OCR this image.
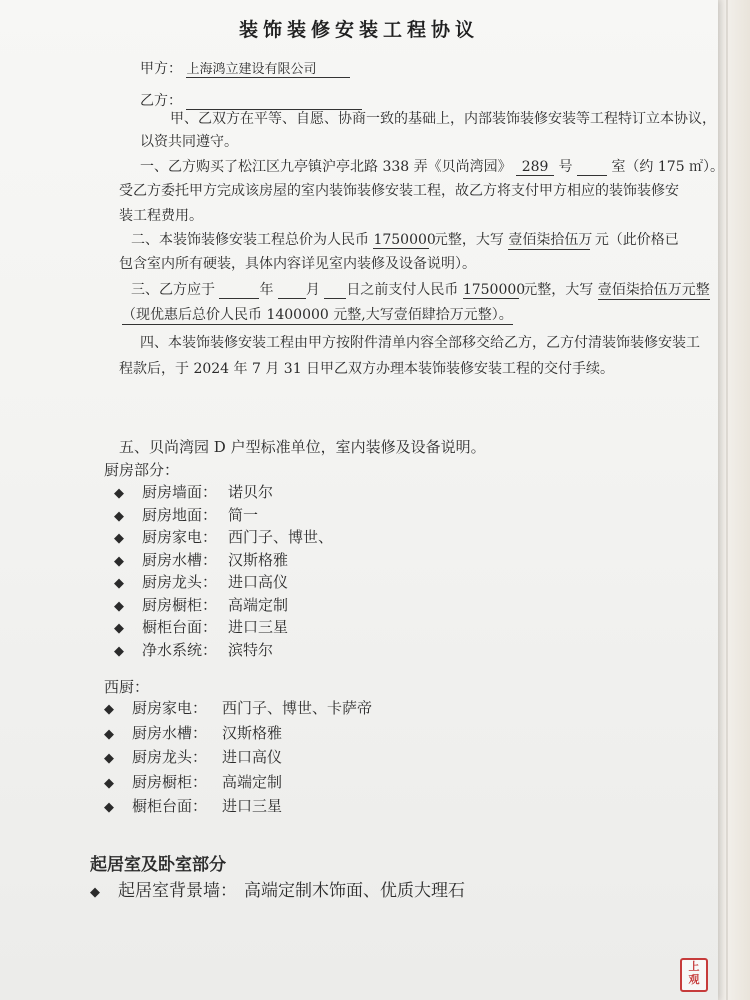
装饰装修安装工程协议
甲方： 上海鸿立建设有限公司
乙方：
甲、乙双方在平等、自愿、协商一致的基础上，内部装饰装修安装等工程特订立本协议，
以资共同遵守。
一、乙方购买了松江区九亭镇沪亭北路 338 弄《贝尚湾园》 289 号	室（约 175 ㎡）。
受乙方委托甲方完成该房屋的室内装饰装修安装工程，故乙方将支付甲方相应的装饰装修安
装工程费用。
二、本装饰装修安装工程总价为人民币 1750000 元整，大写 壹佰柒拾伍万 元（此价格已
包含室内所有硬装，具体内容详见室内装修及设备说明）。
三、乙方应于	年 月 日之前支付人民币 1750000 元整，大写 壹佰柒拾伍万元整
（现优惠后总价人民币 1400000 元整,大写壹佰肆拾万元整）。
四、本装饰装修安装工程由甲方按附件清单内容全部移交给乙方，乙方付清装饰装修安装工
程款后，于 2024 年 7 月 31 日甲乙双方办理本装饰装修安装工程的交付手续。
五、贝尚湾园 D 户型标准单位，室内装修及设备说明。
厨房部分：
◆ 厨房墙面： 诺贝尔
◆ 厨房地面： 简一
◆ 厨房家电： 西门子、博世、
◆ 厨房水槽： 汉斯格雅
◆ 厨房龙头： 进口高仪
◆ 厨房橱柜： 高端定制
◆ 橱柜台面： 进口三星
◆ 净水系统： 滨特尔
西厨：
◆ 厨房家电： 西门子、博世、卡萨帝
◆ 厨房水槽： 汉斯格雅
◆ 厨房龙头： 进口高仪
◆ 厨房橱柜： 高端定制
◆ 橱柜台面： 进口三星
起居室及卧室部分
◆ 起居室背景墙： 高端定制木饰面、优质大理石
上
观
